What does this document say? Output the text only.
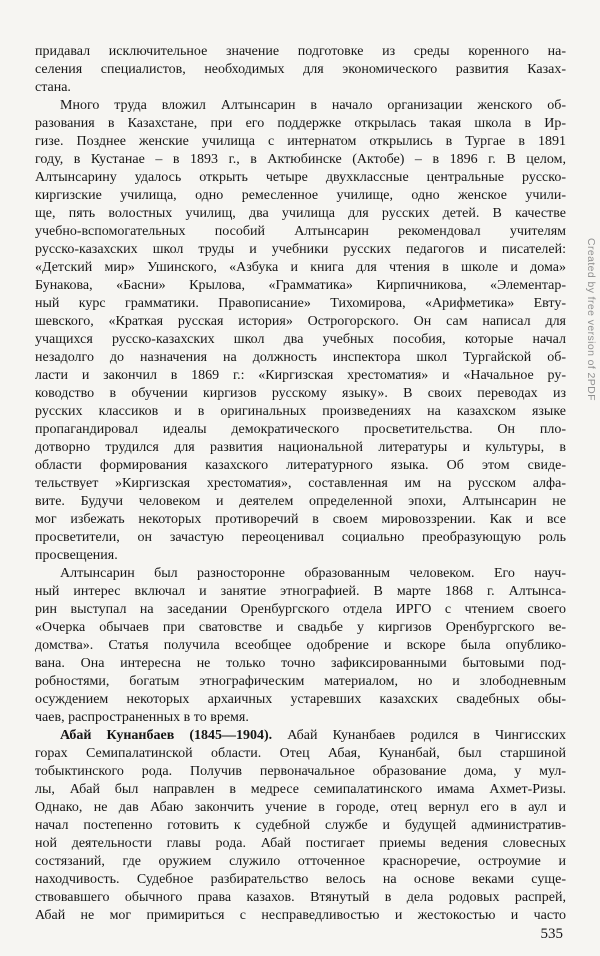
придавал исключительное значение подготовке из среды коренного на-
селения специалистов, необходимых для экономического развития Казах-
стана.
Много труда вложил Алтынсарин в начало организации женского об-
разования в Казахстане, при его поддержке открылась такая школа в Ир-
гизе. Позднее женские училища с интернатом открылись в Тургае в 1891
году, в Кустанае – в 1893 г., в Актюбинске (Актобе) – в 1896 г. В целом,
Алтынсарину удалось открыть четыре двухклассные центральные русско-
киргизские училища, одно ремесленное училище, одно женское учили-
ще, пять волостных училищ, два училища для русских детей. В качестве
учебно-вспомогательных пособий Алтынсарин рекомендовал учителям
русско-казахских школ труды и учебники русских педагогов и писателей:
«Детский мир» Ушинского, «Азбука и книга для чтения в школе и дома»
Бунакова, «Басни» Крылова, «Грамматика» Кирпичникова, «Элементар-
ный курс грамматики. Правописание» Тихомирова, «Арифметика» Евту-
шевского, «Краткая русская история» Острогорского. Он сам написал для
учащихся русско-казахских школ два учебных пособия, которые начал
незадолго до назначения на должность инспектора школ Тургайской об-
ласти и закончил в 1869 г.: «Киргизская хрестоматия» и «Начальное ру-
ководство в обучении киргизов русскому языку». В своих переводах из
русских классиков и в оригинальных произведениях на казахском языке
пропагандировал идеалы демократического просветительства. Он пло-
дотворно трудился для развития национальной литературы и культуры, в
области формирования казахского литературного языка. Об этом свиде-
тельствует »Киргизская хрестоматия», составленная им на русском алфа-
вите. Будучи человеком и деятелем определенной эпохи, Алтынсарин не
мог избежать некоторых противоречий в своем мировоззрении. Как и все
просветители, он зачастую переоценивал социально преобразующую роль
просвещения.
Алтынсарин был разносторонне образованным человеком. Его науч-
ный интерес включал и занятие этнографией. В марте 1868 г. Алтынса-
рин выступал на заседании Оренбургского отдела ИРГО с чтением своего
«Очерка обычаев при сватовстве и свадьбе у киргизов Оренбургского ве-
домства». Статья получила всеобщее одобрение и вскоре была опублико-
вана. Она интересна не только точно зафиксированными бытовыми под-
робностями, богатым этнографическим материалом, но и злободневным
осуждением некоторых архаичных устаревших казахских свадебных обы-
чаев, распространенных в то время.
Абай Кунанбаев (1845—1904). Абай Кунанбаев родился в Чингисских
горах Семипалатинской области. Отец Абая, Кунанбай, был старшиной
тобыктинского рода. Получив первоначальное образование дома, у мул-
лы, Абай был направлен в медресе семипалатинского имама Ахмет-Ризы.
Однако, не дав Абаю закончить учение в городе, отец вернул его в аул и
начал постепенно готовить к судебной службе и будущей административ-
ной деятельности главы рода. Абай постигает приемы ведения словесных
состязаний, где оружием служило отточенное красноречие, остроумие и
находчивость. Судебное разбирательство велось на основе веками суще-
ствовавшего обычного права казахов. Втянутый в дела родовых распрей,
Абай не мог примириться с несправедливостью и жестокостью и часто
535
Created by free version of 2PDF
